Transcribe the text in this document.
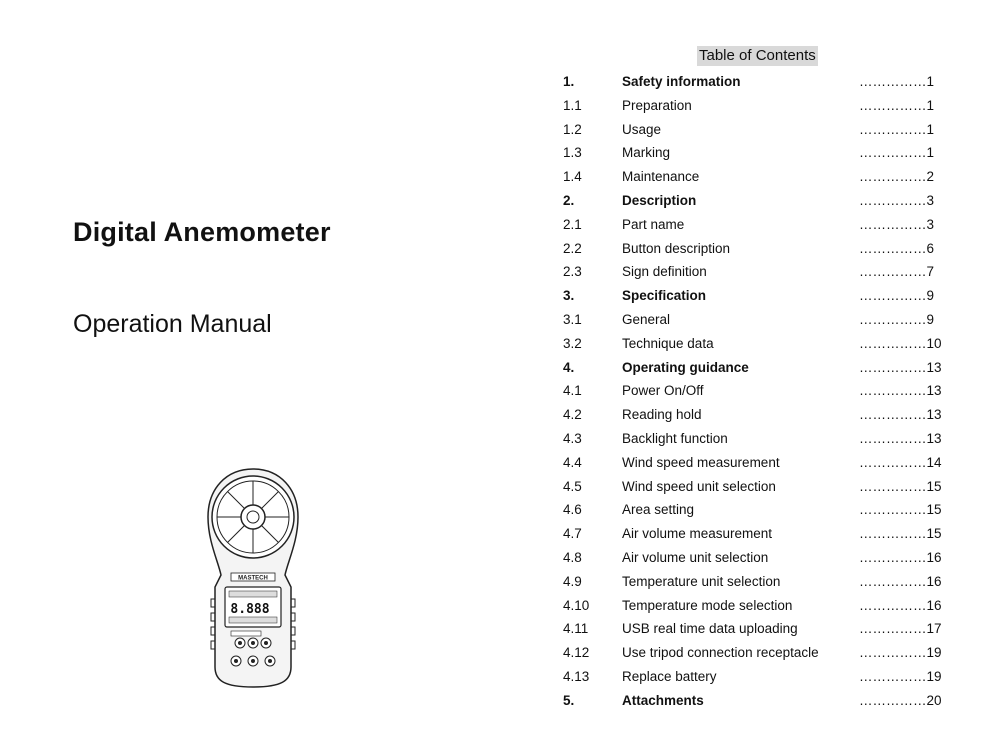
Digital Anemometer
Operation Manual
MASTECH
8.888
Table of Contents
1.	Safety information	……………1
1.1	Preparation	……………1
1.2	Usage	……………1
1.3	Marking	……………1
1.4	Maintenance	……………2
2.	Description	……………3
2.1	Part name	……………3
2.2	Button description	……………6
2.3	Sign definition	……………7
3.	Specification	……………9
3.1	General	……………9
3.2	Technique data	……………10
4.	Operating guidance	……………13
4.1	Power On/Off	……………13
4.2	Reading hold	……………13
4.3	Backlight function	……………13
4.4	Wind speed measurement	……………14
4.5	Wind speed unit selection	……………15
4.6	Area setting	……………15
4.7	Air volume measurement	……………15
4.8	Air volume unit selection	……………16
4.9	Temperature unit selection	……………16
4.10 Temperature mode selection	……………16
4.11 USB real time data uploading	……………17
4.12 Use tripod connection receptacle	……………19
4.13 Replace battery	……………19
5.	Attachments	……………20
